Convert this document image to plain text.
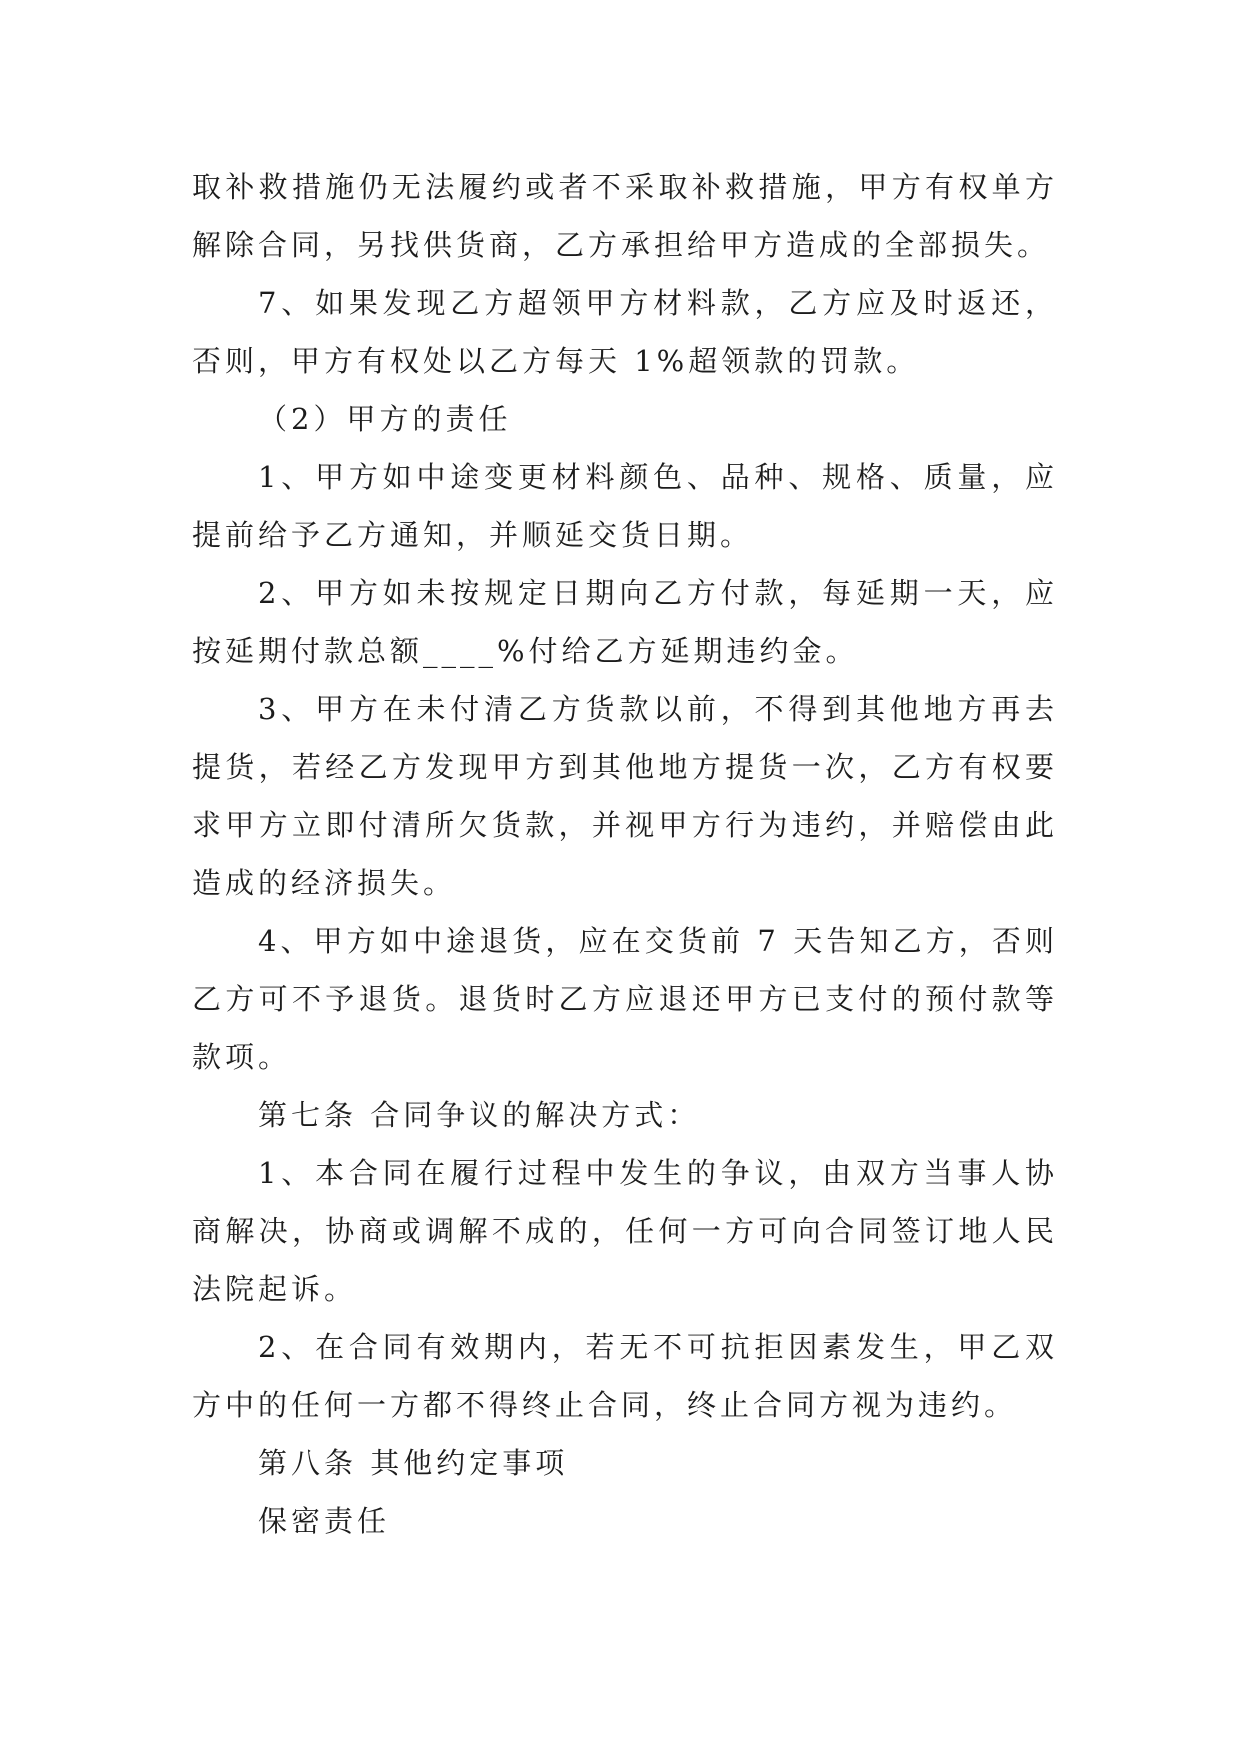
取补救措施仍无法履约或者不采取补救措施，甲方有权单方
解除合同，另找供货商，乙方承担给甲方造成的全部损失。
7、如果发现乙方超领甲方材料款，乙方应及时返还，
否则，甲方有权处以乙方每天 1%超领款的罚款。
（2）甲方的责任
1、甲方如中途变更材料颜色、品种、规格、质量，应
提前给予乙方通知，并顺延交货日期。
2、甲方如未按规定日期向乙方付款，每延期一天，应
按延期付款总额____%付给乙方延期违约金。
3、甲方在未付清乙方货款以前，不得到其他地方再去
提货，若经乙方发现甲方到其他地方提货一次，乙方有权要
求甲方立即付清所欠货款，并视甲方行为违约，并赔偿由此
造成的经济损失。
4、甲方如中途退货，应在交货前 7 天告知乙方，否则
乙方可不予退货。退货时乙方应退还甲方已支付的预付款等
款项。
第七条 合同争议的解决方式：
1、本合同在履行过程中发生的争议，由双方当事人协
商解决，协商或调解不成的，任何一方可向合同签订地人民
法院起诉。
2、在合同有效期内，若无不可抗拒因素发生，甲乙双
方中的任何一方都不得终止合同，终止合同方视为违约。
第八条 其他约定事项
保密责任
